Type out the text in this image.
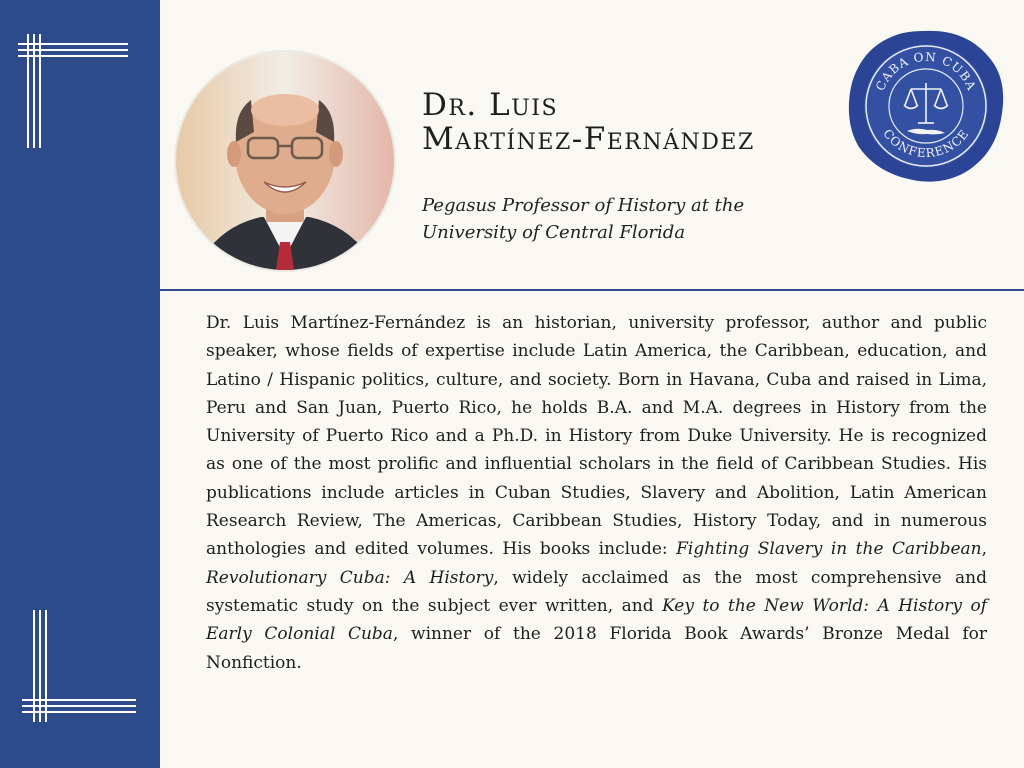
Dr. Luis
Martínez-Fernández
Pegasus Professor of History at the
University of Central Florida
CABA ON CUBA
CONFERENCE

Dr. Luis Martínez-Fernández is an historian, university professor, author and public speaker, whose fields of expertise include Latin America, the Caribbean, education, and Latino / Hispanic politics, culture, and society. Born in Havana, Cuba and raised in Lima, Peru and San Juan, Puerto Rico, he holds B.A. and M.A. degrees in History from the University of Puerto Rico and a Ph.D. in History from Duke University. He is recognized as one of the most prolific and influential scholars in the field of Caribbean Studies. His publications include articles in Cuban Studies, Slavery and Abolition, Latin American Research Review, The Americas, Caribbean Studies, History Today, and in numerous anthologies and edited volumes. His books include: Fighting Slavery in the Caribbean, Revolutionary Cuba: A History, widely acclaimed as the most comprehensive and systematic study on the subject ever written, and Key to the New World: A History of Early Colonial Cuba, winner of the 2018 Florida Book Awards’ Bronze Medal for Nonfiction.
